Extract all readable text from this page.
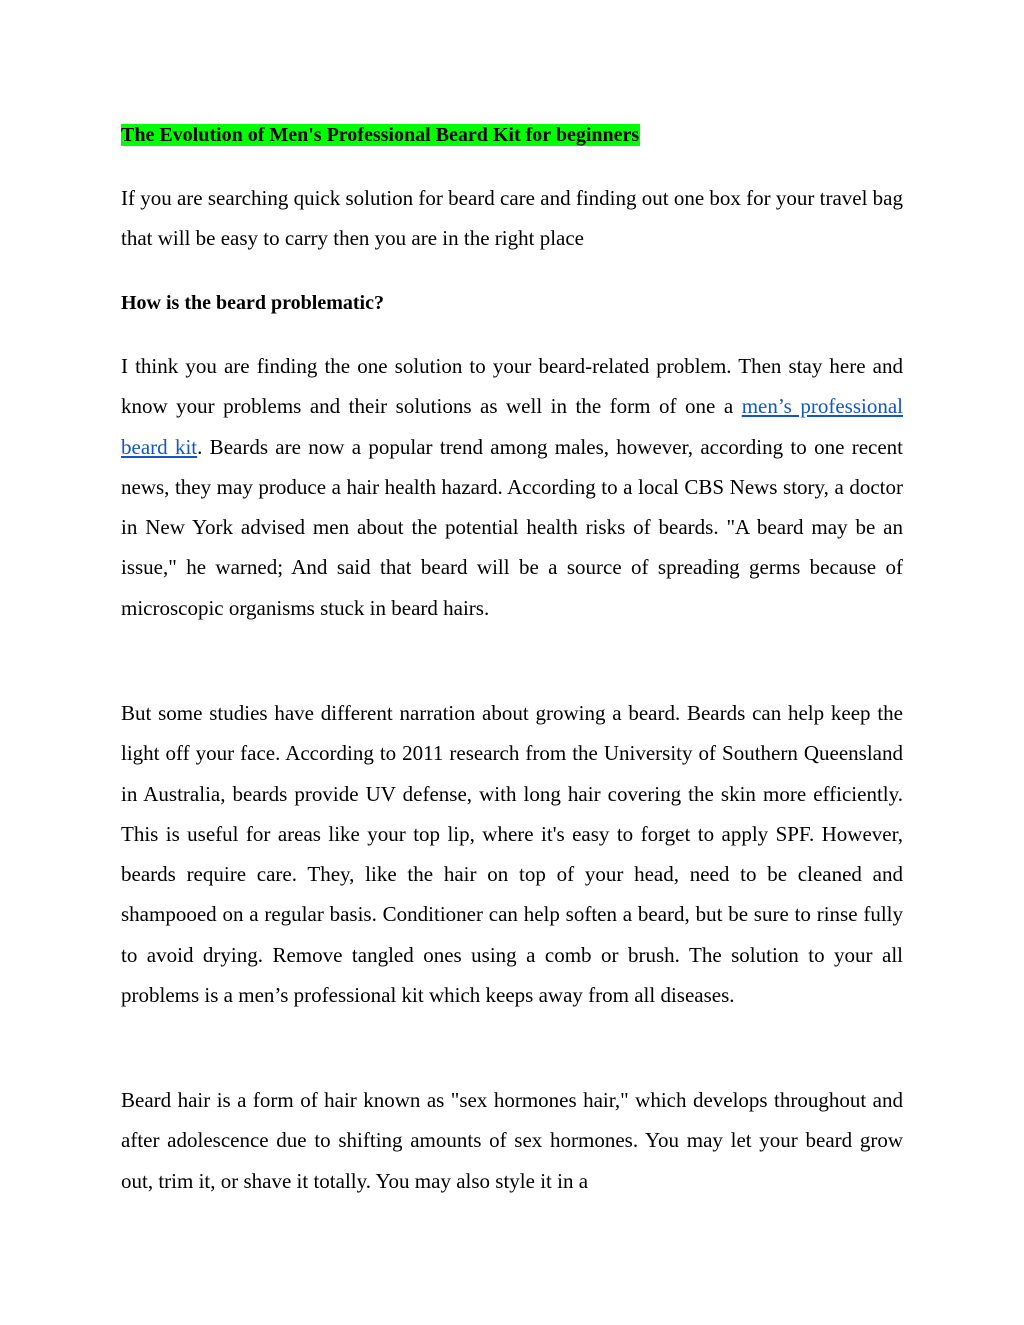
The Evolution of Men's Professional Beard Kit for beginners

If you are searching quick solution for beard care and finding out one box for your travel bag that will be easy to carry then you are in the right place

How is the beard problematic?

I think you are finding the one solution to your beard-related problem. Then stay here and know your problems and their solutions as well in the form of one a men’s professional beard kit. Beards are now a popular trend among males, however, according to one recent news, they may produce a hair health hazard. According to a local CBS News story, a doctor in New York advised men about the potential health risks of beards. "A beard may be an issue," he warned; And said that beard will be a source of spreading germs because of microscopic organisms stuck in beard hairs.

But some studies have different narration about growing a beard. Beards can help keep the light off your face. According to 2011 research from the University of Southern Queensland in Australia, beards provide UV defense, with long hair covering the skin more efficiently. This is useful for areas like your top lip, where it's easy to forget to apply SPF. However, beards require care. They, like the hair on top of your head, need to be cleaned and shampooed on a regular basis. Conditioner can help soften a beard, but be sure to rinse fully to avoid drying. Remove tangled ones using a comb or brush. The solution to your all problems is a men’s professional kit which keeps away from all diseases.

Beard hair is a form of hair known as "sex hormones hair," which develops throughout and after adolescence due to shifting amounts of sex hormones. You may let your beard grow out, trim it, or shave it totally. You may also style it in a
